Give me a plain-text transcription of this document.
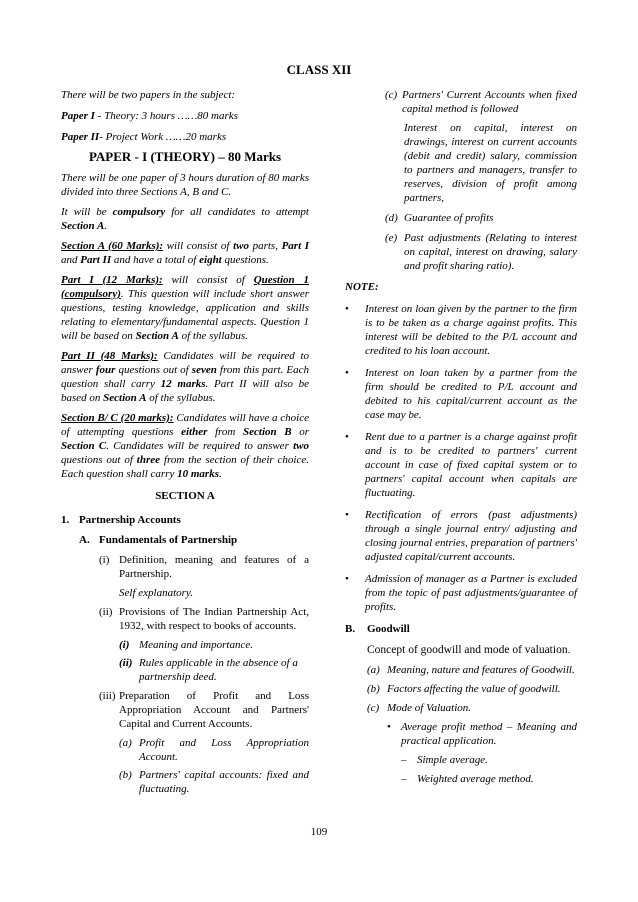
CLASS XII

There will be two papers in the subject:

Paper I - Theory: 3 hours ……80 marks

Paper II- Project Work ……20 marks

PAPER - I (THEORY) – 80 Marks

There will be one paper of 3 hours duration of 80 marks divided into three Sections A, B and C.

It will be compulsory for all candidates to attempt Section A.

Section A (60 Marks): will consist of two parts, Part I and Part II and have a total of eight questions.

Part I (12 Marks): will consist of Question 1 (compulsory). This question will include short answer questions, testing knowledge, application and skills relating to elementary/fundamental aspects. Question 1 will be based on Section A of the syllabus.

Part II (48 Marks): Candidates will be required to answer four questions out of seven from this part. Each question shall carry 12 marks. Part II will also be based on Section A of the syllabus.

Section B/ C (20 marks): Candidates will have a choice of attempting questions either from Section B or Section C. Candidates will be required to answer two questions out of three from the section of their choice. Each question shall carry 10 marks.

SECTION A

1. Partnership Accounts
A. Fundamentals of Partnership
(i) Definition, meaning and features of a Partnership.

Self explanatory.

(ii) Provisions of The Indian Partnership Act, 1932, with respect to books of accounts.
(i) Meaning and importance.
(ii) Rules applicable in the absence of a partnership deed.
(iii) Preparation of Profit and Loss Appropriation Account and Partners' Capital and Current Accounts.
(a) Profit and Loss Appropriation Account.
(b) Partners' capital accounts: fixed and fluctuating.
(c) Partners' Current Accounts when fixed capital method is followed

Interest on capital, interest on drawings, interest on current accounts (debit and credit) salary, commission to partners and managers, transfer to reserves, division of profit among partners,

(d) Guarantee of profits
(e) Past adjustments (Relating to interest on capital, interest on drawing, salary and profit sharing ratio).

NOTE:

•	Interest on loan given by the partner to the firm is to be taken as a charge against profits. This interest will be debited to the P/L account and credited to his loan account.
•	Interest on loan taken by a partner from the firm should be credited to P/L account and debited to his capital/current account as the case may be.
•	Rent due to a partner is a charge against profit and is to be credited to partners' current account in case of fixed capital system or to partners' capital account when capitals are fluctuating.
•	Rectification of errors (past adjustments) through a single journal entry/ adjusting and closing journal entries, preparation of partners' adjusted capital/current accounts.
•	Admission of manager as a Partner is excluded from the topic of past adjustments/guarantee of profits.
B.	Goodwill

Concept of goodwill and mode of valuation.

(a) Meaning, nature and features of Goodwill.
(b) Factors affecting the value of goodwill.
(c) Mode of Valuation.
• Average profit method – Meaning and practical application.
– Simple average.
– Weighted average method.
109
